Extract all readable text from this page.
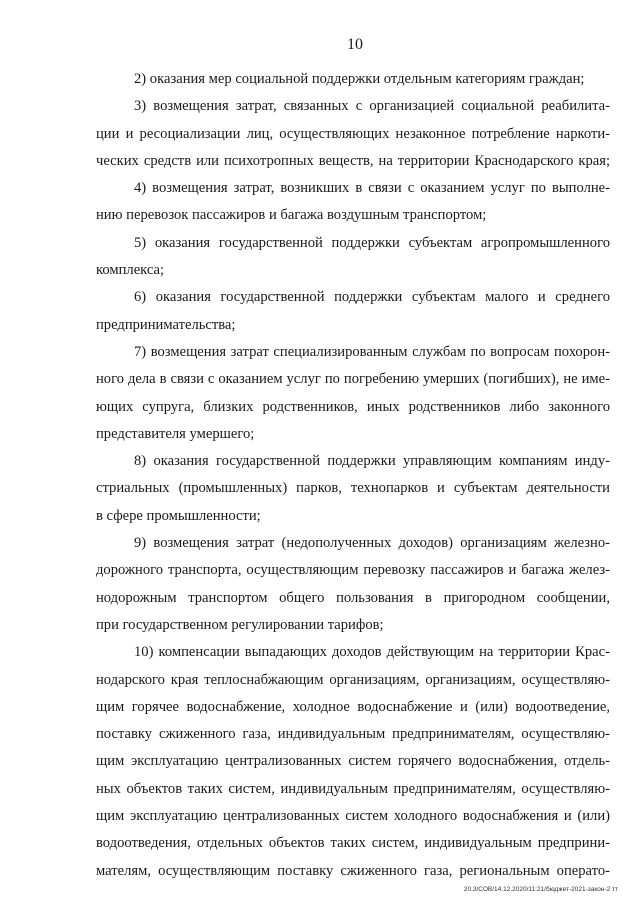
10
2) оказания мер социальной поддержки отдельным категориям граждан;
3) возмещения затрат, связанных с организацией социальной реабилита-
ции и ресоциализации лиц, осуществляющих незаконное потребление наркоти-
ческих средств или психотропных веществ, на территории Краснодарского края;
4) возмещения затрат, возникших в связи с оказанием услуг по выполне-
нию перевозок пассажиров и багажа воздушным транспортом;
5) оказания государственной поддержки субъектам агропромышленного
комплекса;
6) оказания государственной поддержки субъектам малого и среднего
предпринимательства;
7) возмещения затрат специализированным службам по вопросам похорон-
ного дела в связи с оказанием услуг по погребению умерших (погибших), не име-
ющих супруга, близких родственников, иных родственников либо законного
представителя умершего;
8) оказания государственной поддержки управляющим компаниям инду-
стриальных (промышленных) парков, технопарков и субъектам деятельности
в сфере промышленности;
9) возмещения затрат (недополученных доходов) организациям железно-
дорожного транспорта, осуществляющим перевозку пассажиров и багажа желез-
нодорожным транспортом общего пользования в пригородном сообщении,
при государственном регулировании тарифов;
10) компенсации выпадающих доходов действующим на территории Крас-
нодарского края теплоснабжающим организациям, организациям, осуществляю-
щим горячее водоснабжение, холодное водоснабжение и (или) водоотведение,
поставку сжиженного газа, индивидуальным предпринимателям, осуществляю-
щим эксплуатацию централизованных систем горячего водоснабжения, отдель-
ных объектов таких систем, индивидуальным предпринимателям, осуществляю-
щим эксплуатацию централизованных систем холодного водоснабжения и (или)
водоотведения, отдельных объектов таких систем, индивидуальным предприни-
мателям, осуществляющим поставку сжиженного газа, региональным операто-
20.3/СОВ/14.12.2020/11:21/бюджет-2021-закон-2 тт
